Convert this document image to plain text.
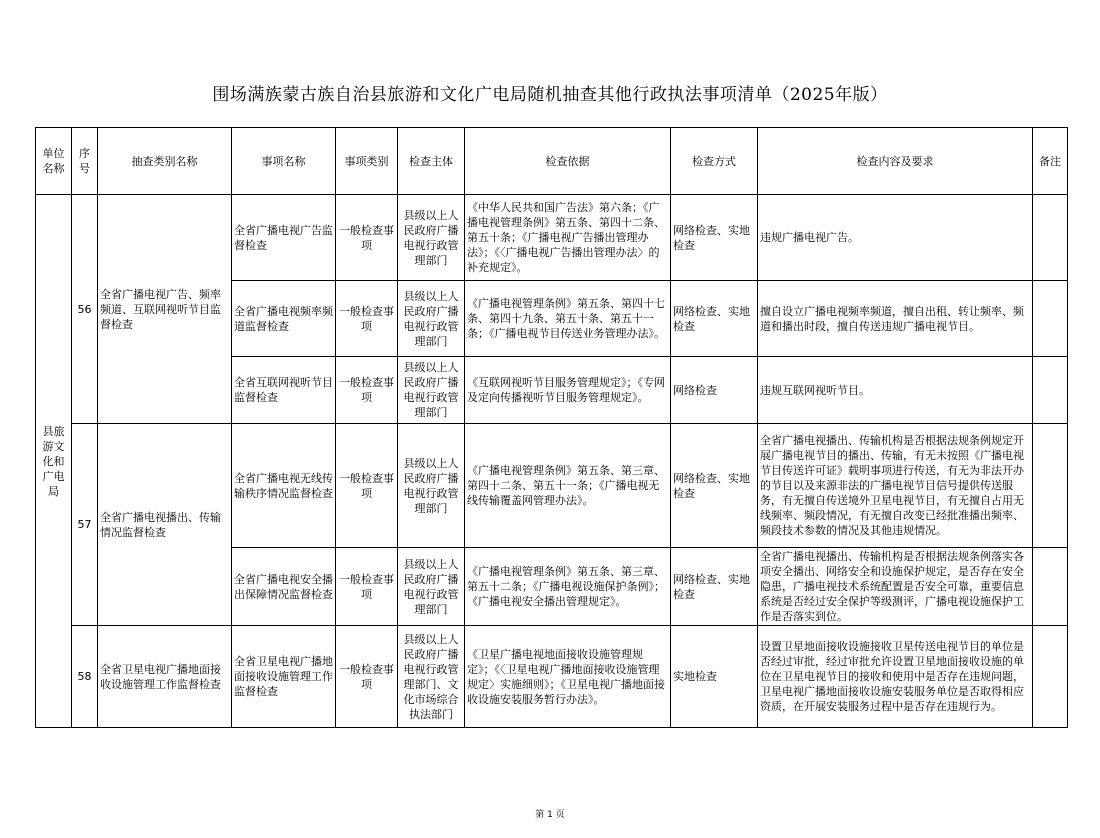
围场满族蒙古族自治县旅游和文化广电局随机抽查其他行政执法事项清单（2025年版）
单位名称	序号	抽查类别名称	事项名称	事项类别	检查主体	检查依据	检查方式	检查内容及要求	备注
县旅游文化和广电局	56	全省广播电视广告、频率频道、互联网视听节目监督检查	全省广播电视广告监督检查	一般检查事项	县级以上人民政府广播电视行政管理部门	《中华人民共和国广告法》第六条；《广播电视管理条例》第五条、第四十二条、第五十条；《广播电视广告播出管理办法》；《〈广播电视广告播出管理办法〉的补充规定》。	网络检查、实地检查	违规广播电视广告。	
			全省广播电视频率频道监督检查	一般检查事项	县级以上人民政府广播电视行政管理部门	《广播电视管理条例》第五条、第四十七条、第四十九条、第五十条、第五十一条；《广播电视节目传送业务管理办法》。	网络检查、实地检查	擅自设立广播电视频率频道，擅自出租、转让频率、频道和播出时段，擅自传送违规广播电视节目。	
			全省互联网视听节目监督检查	一般检查事项	县级以上人民政府广播电视行政管理部门	《互联网视听节目服务管理规定》；《专网及定向传播视听节目服务管理规定》。	网络检查	违规互联网视听节目。	
	57	全省广播电视播出、传输情况监督检查	全省广播电视无线传输秩序情况监督检查	一般检查事项	县级以上人民政府广播电视行政管理部门	《广播电视管理条例》第五条、第三章、第四十二条、第五十一条；《广播电视无线传输覆盖网管理办法》。	网络检查、实地检查	全省广播电视播出、传输机构是否根据法规条例规定开展广播电视节目的播出、传输，有无未按照《广播电视节目传送许可证》载明事项进行传送，有无为非法开办的节目以及来源非法的广播电视节目信号提供传送服务，有无擅自传送境外卫星电视节目，有无擅自占用无线频率、频段情况，有无擅自改变已经批准播出频率、频段技术参数的情况及其他违规情况。	
			全省广播电视安全播出保障情况监督检查	一般检查事项	县级以上人民政府广播电视行政管理部门	《广播电视管理条例》第五条、第三章、第五十二条；《广播电视设施保护条例》；《广播电视安全播出管理规定》。	网络检查、实地检查	全省广播电视播出、传输机构是否根据法规条例落实各项安全播出、网络安全和设施保护规定，是否存在安全隐患，广播电视技术系统配置是否安全可靠，重要信息系统是否经过安全保护等级测评，广播电视设施保护工作是否落实到位。	
	58	全省卫星电视广播地面接收设施管理工作监督检查	全省卫星电视广播地面接收设施管理工作监督检查	一般检查事项	县级以上人民政府广播电视行政管理部门、文化市场综合执法部门	《卫星广播电视地面接收设施管理规定》；《〈卫星电视广播地面接收设施管理规定〉实施细则》；《卫星电视广播地面接收设施安装服务暂行办法》。	实地检查	设置卫星地面接收设施接收卫星传送电视节目的单位是否经过审批，经过审批允许设置卫星地面接收设施的单位在卫星电视节目的接收和使用中是否存在违规问题，卫星电视广播地面接收设施安装服务单位是否取得相应资质，在开展安装服务过程中是否存在违规行为。	
第 1 页
